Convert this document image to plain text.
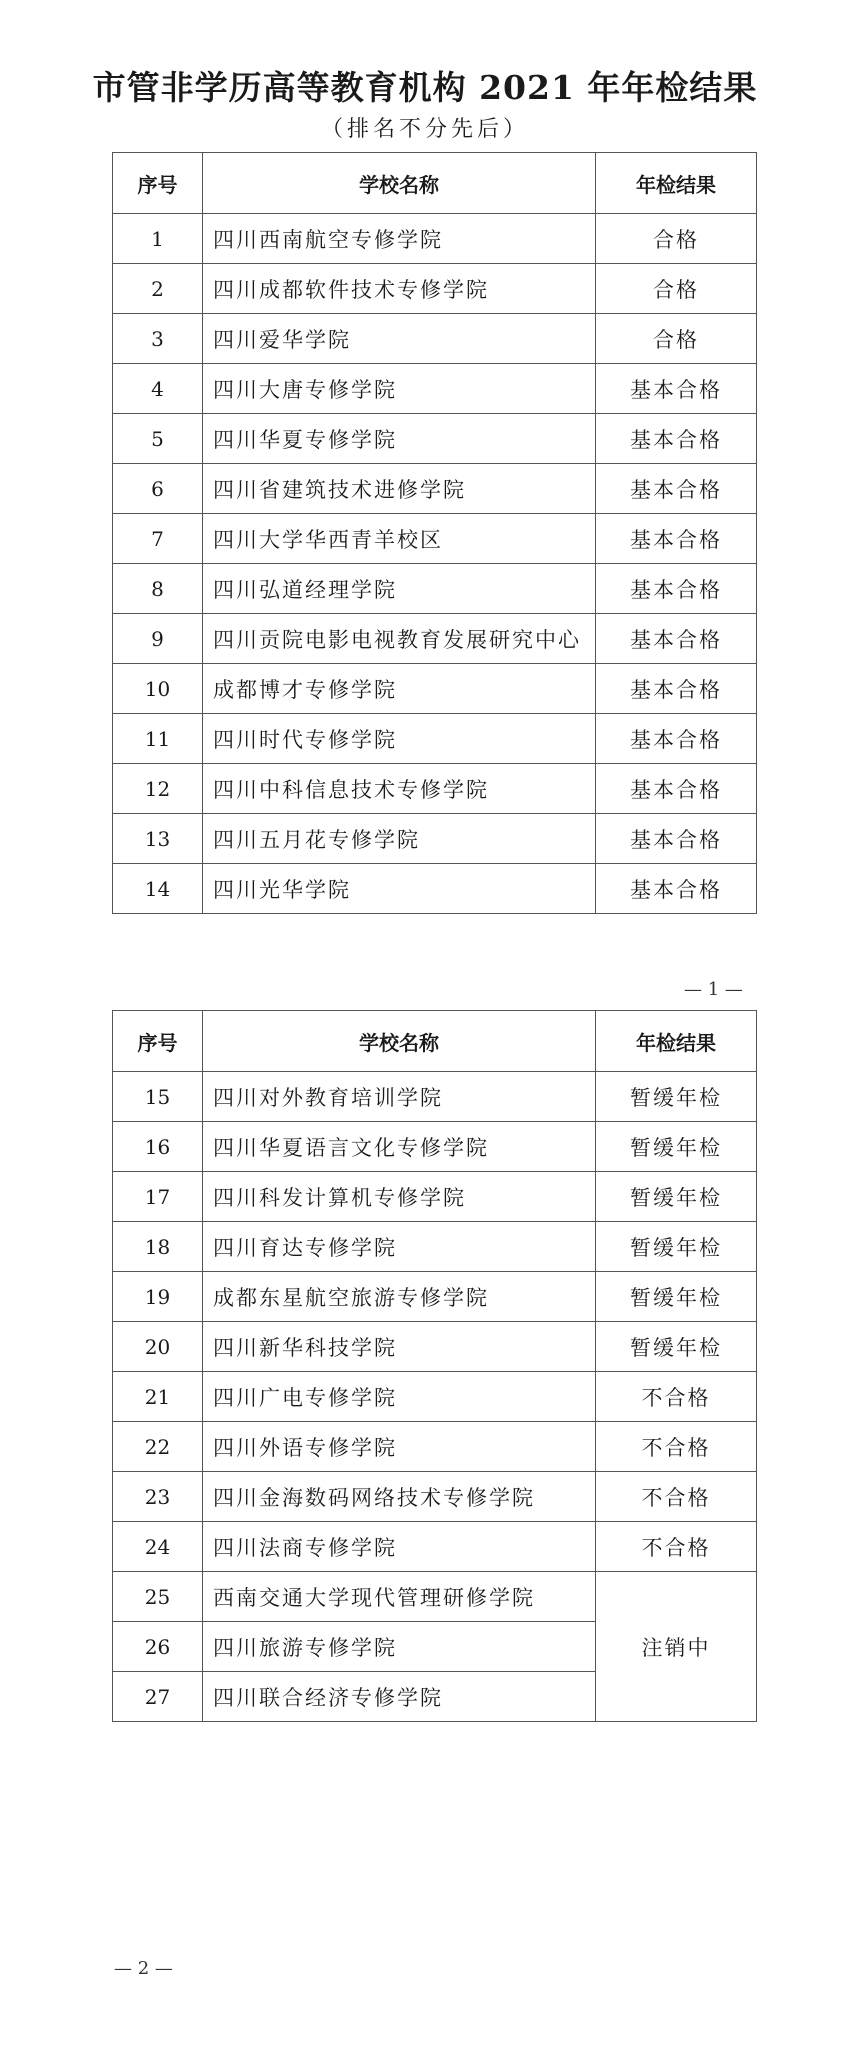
市管非学历高等教育机构 2021 年年检结果
（排名不分先后）
序号	学校名称	年检结果
1	四川西南航空专修学院	合格
2	四川成都软件技术专修学院	合格
3	四川爱华学院	合格
4	四川大唐专修学院	基本合格
5	四川华夏专修学院	基本合格
6	四川省建筑技术进修学院	基本合格
7	四川大学华西青羊校区	基本合格
8	四川弘道经理学院	基本合格
9	四川贡院电影电视教育发展研究中心	基本合格
10	成都博才专修学院	基本合格
11	四川时代专修学院	基本合格
12	四川中科信息技术专修学院	基本合格
13	四川五月花专修学院	基本合格
14	四川光华学院	基本合格
— 1 —
序号	学校名称	年检结果
15	四川对外教育培训学院	暂缓年检
16	四川华夏语言文化专修学院	暂缓年检
17	四川科发计算机专修学院	暂缓年检
18	四川育达专修学院	暂缓年检
19	成都东星航空旅游专修学院	暂缓年检
20	四川新华科技学院	暂缓年检
21	四川广电专修学院	不合格
22	四川外语专修学院	不合格
23	四川金海数码网络技术专修学院	不合格
24	四川法商专修学院	不合格
25	西南交通大学现代管理研修学院	注销中
26	四川旅游专修学院	
27	四川联合经济专修学院	
— 2 —
